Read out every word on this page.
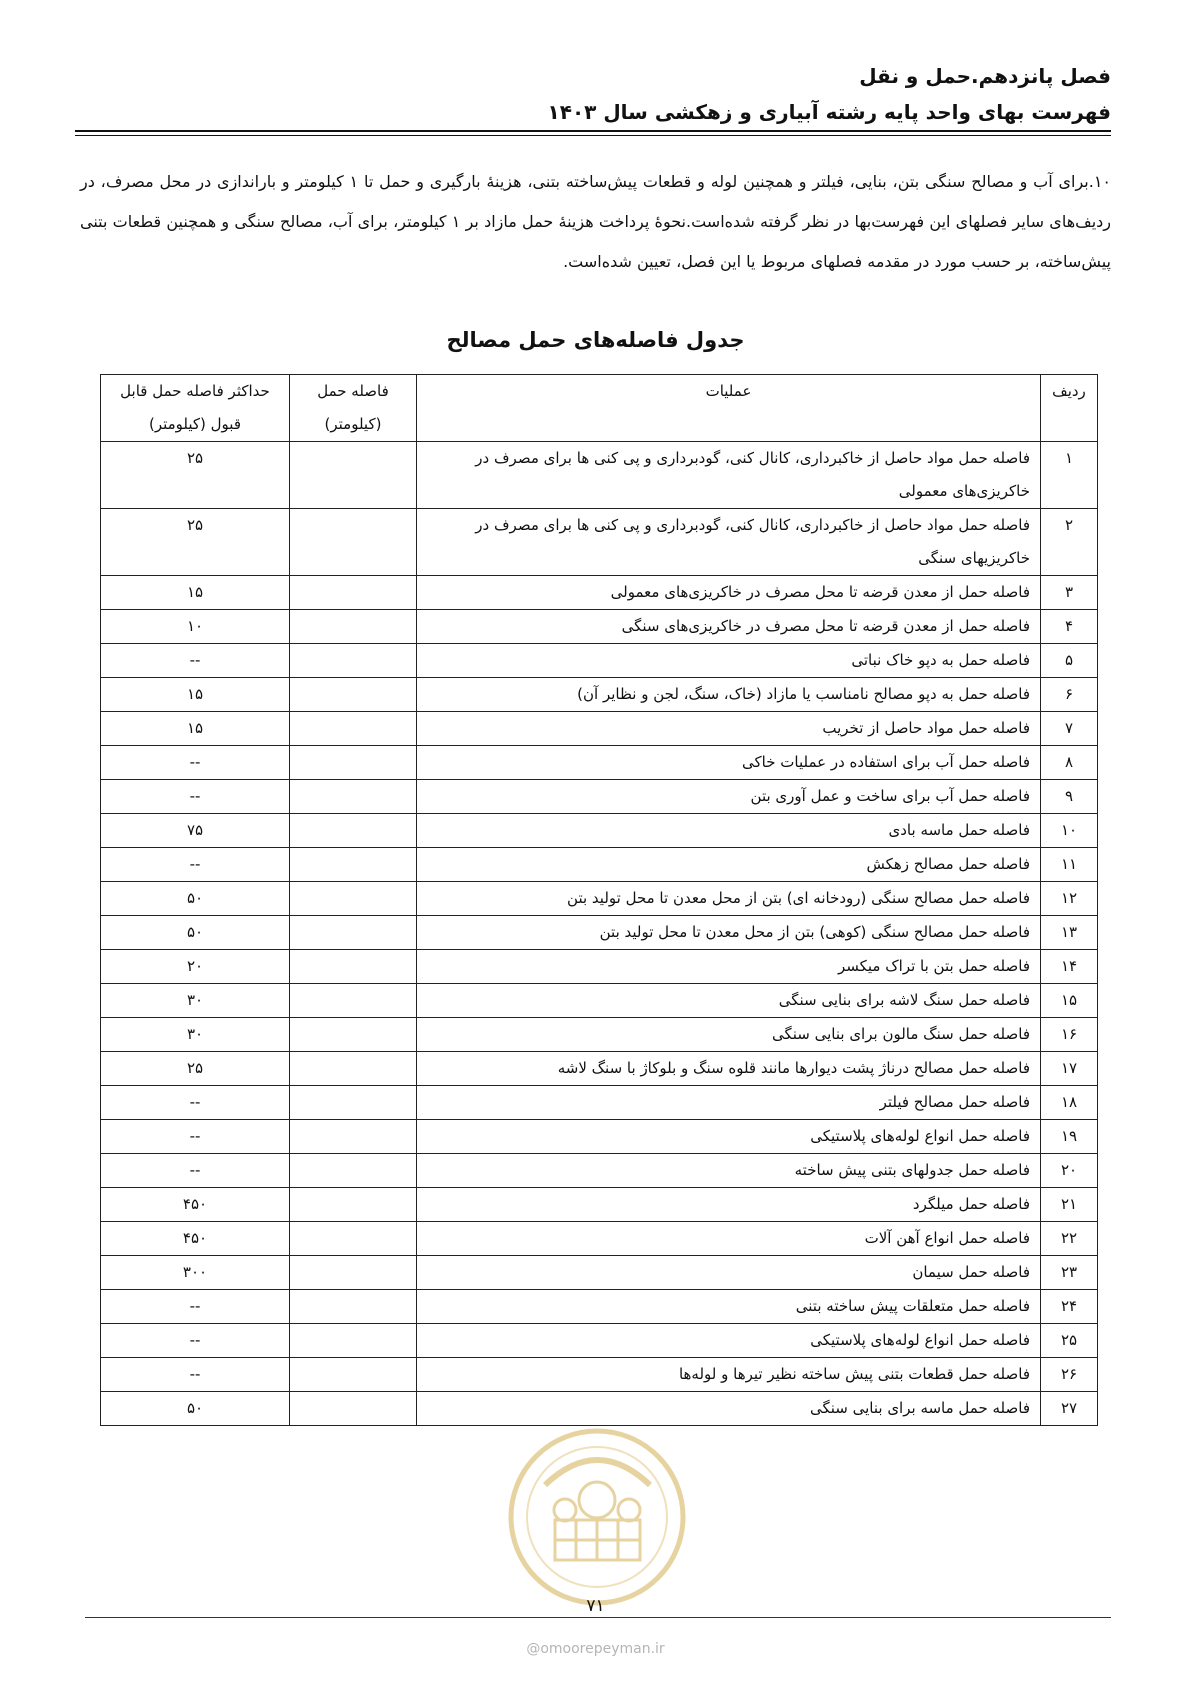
فصل پانزدهم.حمل و نقل
فهرست بهای واحد پایه رشته آبیاری و زهکشی سال ۱۴۰۳
۱۰.برای آب و مصالح سنگی بتن، بنایی، فیلتر و همچنین لوله و قطعات پیش‌ساخته بتنی، هزینهٔ بارگیری و حمل تا ۱ کیلومتر و باراندازی در محل مصرف، در ردیف‌های سایر فصلهای این فهرست‌بها در نظر گرفته شده‌است.نحوهٔ پرداخت هزینهٔ حمل مازاد بر ۱ کیلومتر، برای آب، مصالح سنگی و همچنین قطعات بتنی پیش‌ساخته، بر حسب مورد در مقدمه فصلهای مربوط یا این فصل، تعیین شده‌است.
جدول فاصله‌های حمل مصالح
ردیف	عملیات	فاصله حمل (کیلومتر)	حداکثر فاصله حمل قابل قبول (کیلومتر)
۱	فاصله حمل مواد حاصل از خاکبرداری، کانال کنی، گودبرداری و پی کنی ها برای مصرف در خاکریزی‌های معمولی		۲۵
۲	فاصله حمل مواد حاصل از خاکبرداری، کانال کنی، گودبرداری و پی کنی ها برای مصرف در خاکریزیهای سنگی		۲۵
۳	فاصله حمل از معدن قرضه تا محل مصرف در خاکریزی‌های معمولی		۱۵
۴	فاصله حمل از معدن قرضه تا محل مصرف در خاکریزی‌های سنگی		۱۰
۵	فاصله حمل به دپو خاک نباتی		--
۶	فاصله حمل به دپو مصالح نامناسب یا مازاد (خاک، سنگ، لجن و نظایر آن)		۱۵
۷	فاصله حمل مواد حاصل از تخریب		۱۵
۸	فاصله حمل آب برای استفاده در عملیات خاکی		--
۹	فاصله حمل آب برای ساخت و عمل آوری بتن		--
۱۰	فاصله حمل ماسه بادی		۷۵
۱۱	فاصله حمل مصالح زهکش		--
۱۲	فاصله حمل مصالح سنگی (رودخانه ای) بتن از محل معدن تا محل تولید بتن		۵۰
۱۳	فاصله حمل مصالح سنگی (کوهی) بتن از محل معدن تا محل تولید بتن		۵۰
۱۴	فاصله حمل بتن با تراک میکسر		۲۰
۱۵	فاصله حمل سنگ لاشه برای بنایی سنگی		۳۰
۱۶	فاصله حمل سنگ مالون برای بنایی سنگی		۳۰
۱۷	فاصله حمل مصالح درناژ پشت دیوارها مانند قلوه سنگ و بلوکاژ با سنگ لاشه		۲۵
۱۸	فاصله حمل مصالح فیلتر		--
۱۹	فاصله حمل انواع لوله‌های پلاستیکی		--
۲۰	فاصله حمل جدولهای بتنی پیش ساخته		--
۲۱	فاصله حمل میلگرد		۴۵۰
۲۲	فاصله حمل انواع آهن آلات		۴۵۰
۲۳	فاصله حمل سیمان		۳۰۰
۲۴	فاصله حمل متعلقات پیش ساخته بتنی		--
۲۵	فاصله حمل انواع لوله‌های پلاستیکی		--
۲۶	فاصله حمل قطعات بتنی پیش ساخته نظیر تیرها و لوله‌ها		--
۲۷	فاصله حمل ماسه برای بنایی سنگی		۵۰
۷۱
@omoorepeyman.ir
